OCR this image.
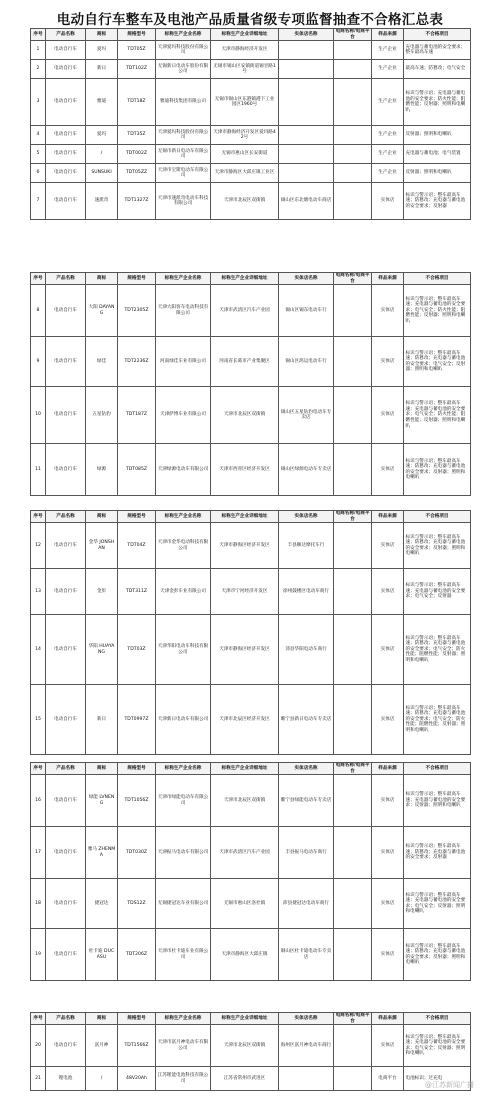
电动自行车整车及电池产品质量省级专项监督抽查不合格汇总表
序号	产品名称	商标	规格型号	标称生产企业名称	标称生产企业详细地址	实体店名称	电商名称/电商平台	样品来源	不合格项目
1	电动自行车	爱玛	TDT05Z	天津爱玛科技股份有限公司	天津市静海经济开发区			生产企业	充电器与蓄电池的安全要求；整车最高车速
2	电动自行车	新日	TDT102Z	无锡新日电动车股份有限公司	无锡市锡山区安镇街道锡甘路1号			生产企业	最高车速；防篡改；电气安全
3	电动自行车	雅迪	TDT18Z	雅迪科技集团有限公司	无锡市锡山区东港镇港下工业园区1960号			生产企业	标识与警示语；充电器与蓄电池的安全要求；防火性能；阻燃性能；反射器；照明和电喇叭
4	电动自行车	爱玛	TDT35Z	天津爱玛科技股份有限公司	天津市静海经济开发区爱玛路42号			生产企业	反射器；照明和电喇叭
5	电动自行车	/	TDT002Z	无锡市新日电动车有限公司	无锡市惠山区长安街道			生产企业	充电器与蓄电池；电气装置
6	电动自行车	SUNSUKI	TDT05ZZ	天津市宝斯电动车有限公司	天津市静海区大邱庄镇工业区			生产企业	反射器；照明和电喇叭
7	电动自行车	速派奇	TDT1327Z	天津市速派奇电动车科技有限公司	天津市北辰区双街镇	锡山区东北塘电动车商店		实体店	标识与警示语；整车最高车速；防篡改；充电器与蓄电池的安全要求；反射器
序号	产品名称	商标	规格型号	标称生产企业名称	标称生产企业详细地址	实体店名称	电商名称/电商平台	样品来源	不合格项目
8	电动自行车	大阳 DAYANG	TDT2305Z	天津大阳客车电动科技有限公司	天津市武清区汽车产业园	锡山区锡东电动车行		实体店	标识与警示语；整车最高车速；充电器与蓄电池的安全要求；电气安全；防火性能；阻燃性能；反射器；照明和电喇叭
9	电动自行车	绿佳	TDT2236Z	河南绿佳车业有限公司	河南省长葛市产业集聚区	锡山区鸿运电动车行		实体店	标识与警示语；整车最高车速；防篡改；充电器与蓄电池的安全要求；电气安全；反射器；照明和电喇叭
10	电动自行车	五星钻豹	TDT187Z	天津萨博车业有限公司	天津市北辰区双街镇	锡山区五星钻豹电动车专卖店		实体店	标识与警示语；整车最高车速；充电器与蓄电池的安全要求；电气安全；防火性能；阻燃性能；反射器；照明和电喇叭
11	电动自行车	绿源	TDT085Z	天津绿源电动车有限公司	天津市西青区经济开发区	锡山区绿源电动车专卖店		实体店	标识与警示语；整车最高车速；防篡改；充电器与蓄电池的安全要求；反射器；照明和电喇叭
序号	产品名称	商标	规格型号	标称生产企业名称	标称生产企业详细地址	实体店名称	电商名称/电商平台	样品来源	不合格项目
12	电动自行车	金华 JONSHAN	TDT04Z	天津市金华电动科技有限公司	天津市静海区经济开发区	丰县顺达摩托车行		实体店	标识与警示语；整车最高车速；防篡改；充电器与蓄电池的安全要求；反射器；照明和电喇叭
13	电动自行车	金彭	TDT311Z	天津金彭车业有限公司	天津市宁河经济开发区	徐州鼓楼区电动车商行		实体店	标识与警示语；整车最高车速；充电器与蓄电池的安全要求；电气安全；反射器
14	电动自行车	华阳 HUAYANG	TDT03Z	天津华阳电动车科技有限公司	天津市静海区经济开发区	沛县华阳电动车商行		实体店	标识与警示语；整车最高车速；防篡改；充电器与蓄电池的安全要求；电气安全；防火性能；阻燃性能；反射器；照明和电喇叭
15	电动自行车	新日	TDT0997Z	天津新日电动车有限公司	天津市北辰区经济开发区	睢宁县新日电动车专卖店		实体店	标识与警示语；整车最高车速；防篡改；充电器与蓄电池的安全要求；电气安全；防火性能；阻燃性能；反射器；照明和电喇叭
序号	产品名称	商标	规格型号	标称生产企业名称	标称生产企业详细地址	实体店名称	电商名称/电商平台	样品来源	不合格项目
16	电动自行车	绿能 LVNENG	TDT1056Z	天津市绿能电动车有限公司	天津市北辰区双街镇	睢宁县绿能电动车专卖店		实体店	标识与警示语；整车最高车速；充电器与蓄电池的安全要求；反射器；照明和电喇叭
17	电动自行车	雅马 ZHENMA	TDT030Z	天津振马电动车有限公司	天津市武清区汽车产业园	丰县振马电动车商行		实体店	标识与警示语；整车最高车速；防篡改；充电器与蓄电池的安全要求；反射器
18	电动自行车	捷冠达	TDS12Z	无锡捷冠达车业有限公司	无锡市惠山区洛社镇	沛县捷冠达电动车商行		实体店	标识与警示语；整车最高车速；充电器与蓄电池的安全要求；电气安全；反射器；照明和电喇叭
19	电动自行车	杜卡迪 DUCASU	TDT206Z	天津市杜卡迪车业有限公司	天津市静海区大邱庄镇	铜山区杜卡迪电动车专卖店		实体店	标识与警示语；整车最高车速；防篡改；充电器与蓄电池的安全要求；反射器；照明和电喇叭
序号	产品名称	商标	规格型号	标称生产企业名称	标称生产企业详细地址	实体店名称	电商名称/电商平台	样品来源	不合格项目
20	电动自行车	富月神	TDT1566Z	天津市富月神电动车有限公司	天津市北辰区双街镇	海州区富月神电动车商行		实体店	标识与警示语；整车最高车速；充电器与蓄电池的安全要求；电气安全；反射器；照明和电喇叭
21	锂电池	/	48V20Ah	江苏锂能电池科技有限公司	江苏省常州市武进区			电商平台	电池标识；过充电
@江苏新闻广播
